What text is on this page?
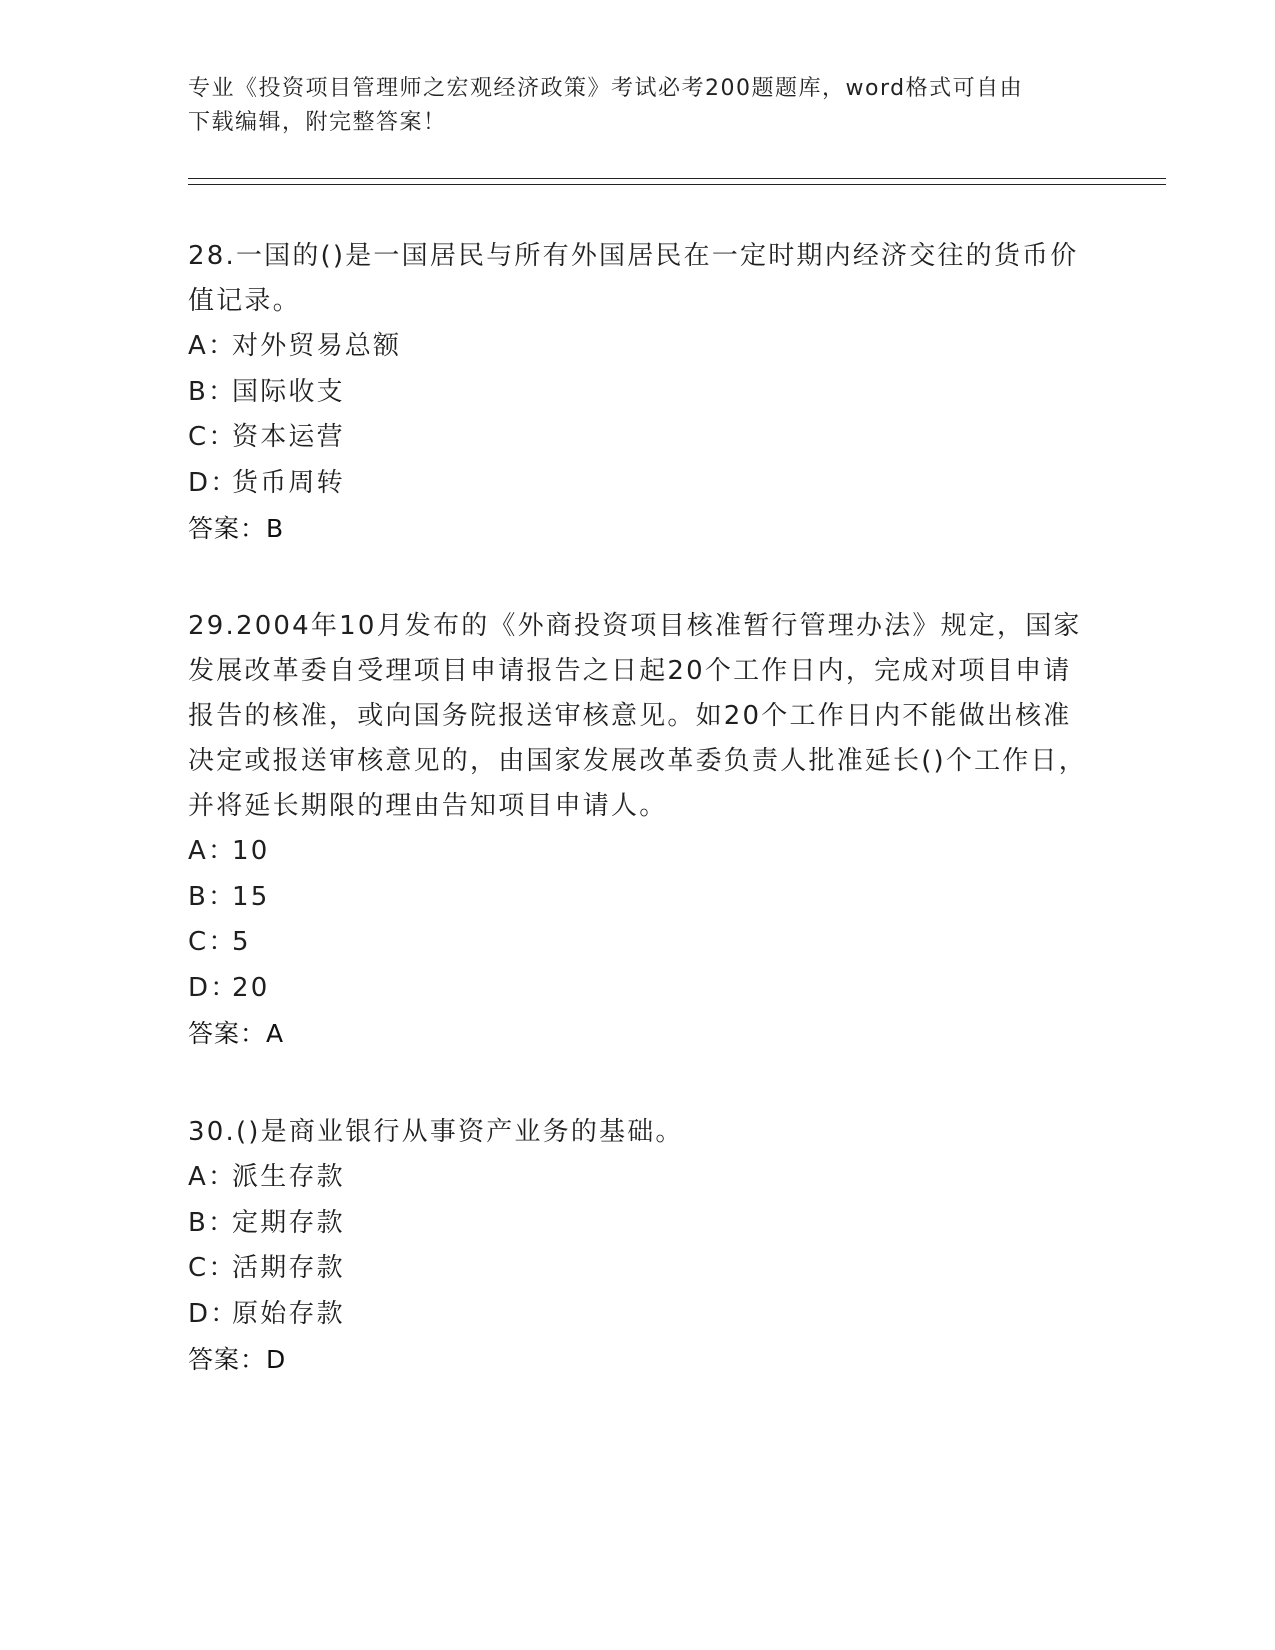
专业《投资项目管理师之宏观经济政策》考试必考200题题库，word格式可自由
下载编辑，附完整答案！

28.一国的()是一国居民与所有外国居民在一定时期内经济交往的货币价值记录。

A：对外贸易总额

B：国际收支

C：资本运营

D：货币周转

答案：B

29.2004年10月发布的《外商投资项目核准暂行管理办法》规定，国家发展改革委自受理项目申请报告之日起20个工作日内，完成对项目申请报告的核准，或向国务院报送审核意见。如20个工作日内不能做出核准决定或报送审核意见的，由国家发展改革委负责人批准延长()个工作日，并将延长期限的理由告知项目申请人。

A：10

B：15

C：5

D：20

答案：A

30.()是商业银行从事资产业务的基础。

A：派生存款

B：定期存款

C：活期存款

D：原始存款

答案：D
